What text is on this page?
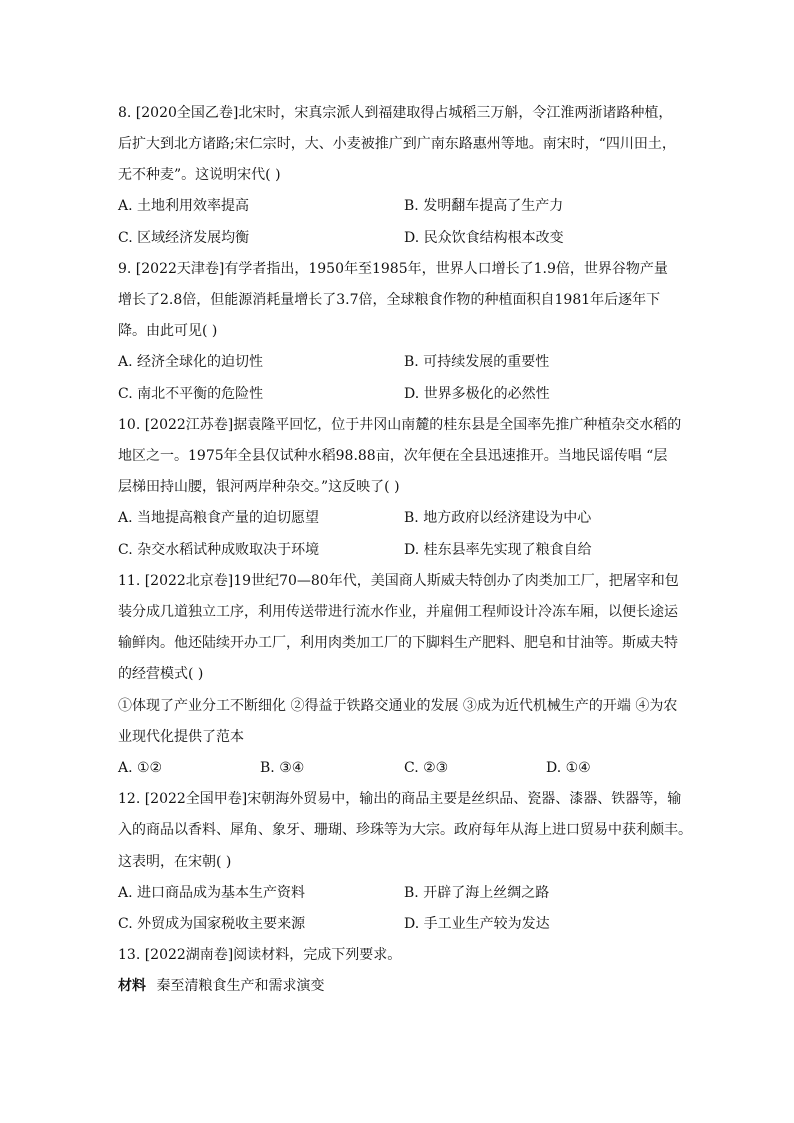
8. [2020全国乙卷]北宋时，宋真宗派人到福建取得占城稻三万斛，令江淮两浙诸路种植，
后扩大到北方诸路;宋仁宗时，大、小麦被推广到广南东路惠州等地。南宋时，“四川田土，
无不种麦”。这说明宋代( )
A. 土地利用效率提高	B. 发明翻车提高了生产力
C. 区域经济发展均衡	D. 民众饮食结构根本改变
9. [2022天津卷]有学者指出，1950年至1985年，世界人口增长了1.9倍，世界谷物产量
增长了2.8倍，但能源消耗量增长了3.7倍，全球粮食作物的种植面积自1981年后逐年下
降。由此可见( )
A. 经济全球化的迫切性	B. 可持续发展的重要性
C. 南北不平衡的危险性	D. 世界多极化的必然性
10. [2022江苏卷]据袁隆平回忆，位于井冈山南麓的桂东县是全国率先推广种植杂交水稻的
地区之一。1975年全县仅试种水稻98.88亩，次年便在全县迅速推开。当地民谣传唱 “层
层梯田持山腰，银河两岸种杂交。”这反映了( )
A. 当地提高粮食产量的迫切愿望	B. 地方政府以经济建设为中心
C. 杂交水稻试种成败取决于环境	D. 桂东县率先实现了粮食自给
11. [2022北京卷]19世纪70—80年代，美国商人斯威夫特创办了肉类加工厂，把屠宰和包
装分成几道独立工序，利用传送带进行流水作业，并雇佣工程师设计冷冻车厢，以便长途运
输鲜肉。他还陆续开办工厂，利用肉类加工厂的下脚料生产肥料、肥皂和甘油等。斯威夫特
的经营模式( )
①体现了产业分工不断细化 ②得益于铁路交通业的发展 ③成为近代机械生产的开端 ④为农
业现代化提供了范本
A. ①②	B. ③④	C. ②③	D. ①④
12. [2022全国甲卷]宋朝海外贸易中，输出的商品主要是丝织品、瓷器、漆器、铁器等，输
入的商品以香料、犀角、象牙、珊瑚、珍珠等为大宗。政府每年从海上进口贸易中获利颇丰。
这表明，在宋朝( )
A. 进口商品成为基本生产资料	B. 开辟了海上丝绸之路
C. 外贸成为国家税收主要来源	D. 手工业生产较为发达
13. [2022湖南卷]阅读材料，完成下列要求。
材料 秦至清粮食生产和需求演变
